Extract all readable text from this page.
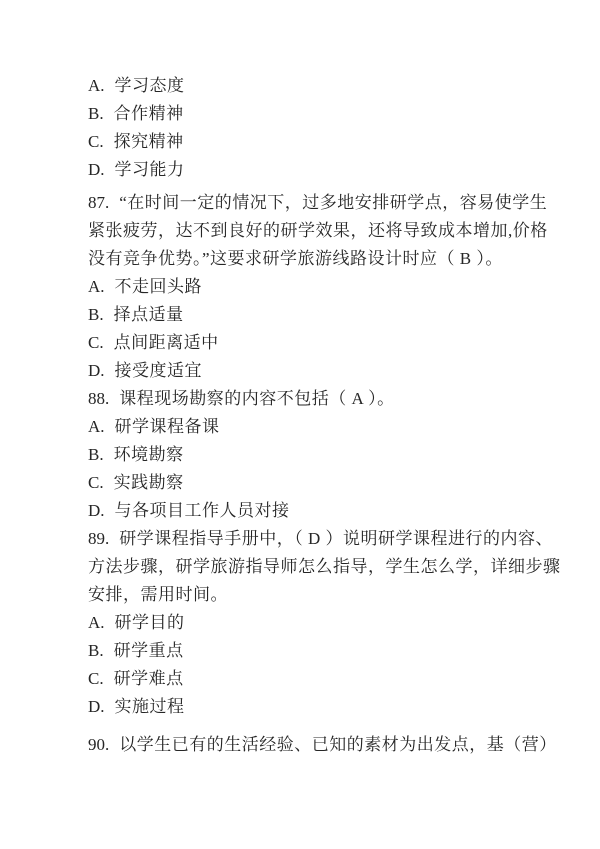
A. 学习态度

B. 合作精神

C. 探究精神

D. 学习能力

87. “在时间一定的情况下，过多地安排研学点，容易使学生

紧张疲劳，达不到良好的研学效果，还将导致成本增加,价格

没有竞争优势。”这要求研学旅游线路设计时应（ B ）。

A. 不走回头路

B. 择点适量

C. 点间距离适中

D. 接受度适宜

88. 课程现场勘察的内容不包括（ A ）。

A. 研学课程备课

B. 环境勘察

C. 实践勘察

D. 与各项目工作人员对接

89. 研学课程指导手册中，（ D ）说明研学课程进行的内容、

方法步骤，研学旅游指导师怎么指导，学生怎么学，详细步骤

安排，需用时间。

A. 研学目的

B. 研学重点

C. 研学难点

D. 实施过程

90. 以学生已有的生活经验、已知的素材为出发点，基（营）
